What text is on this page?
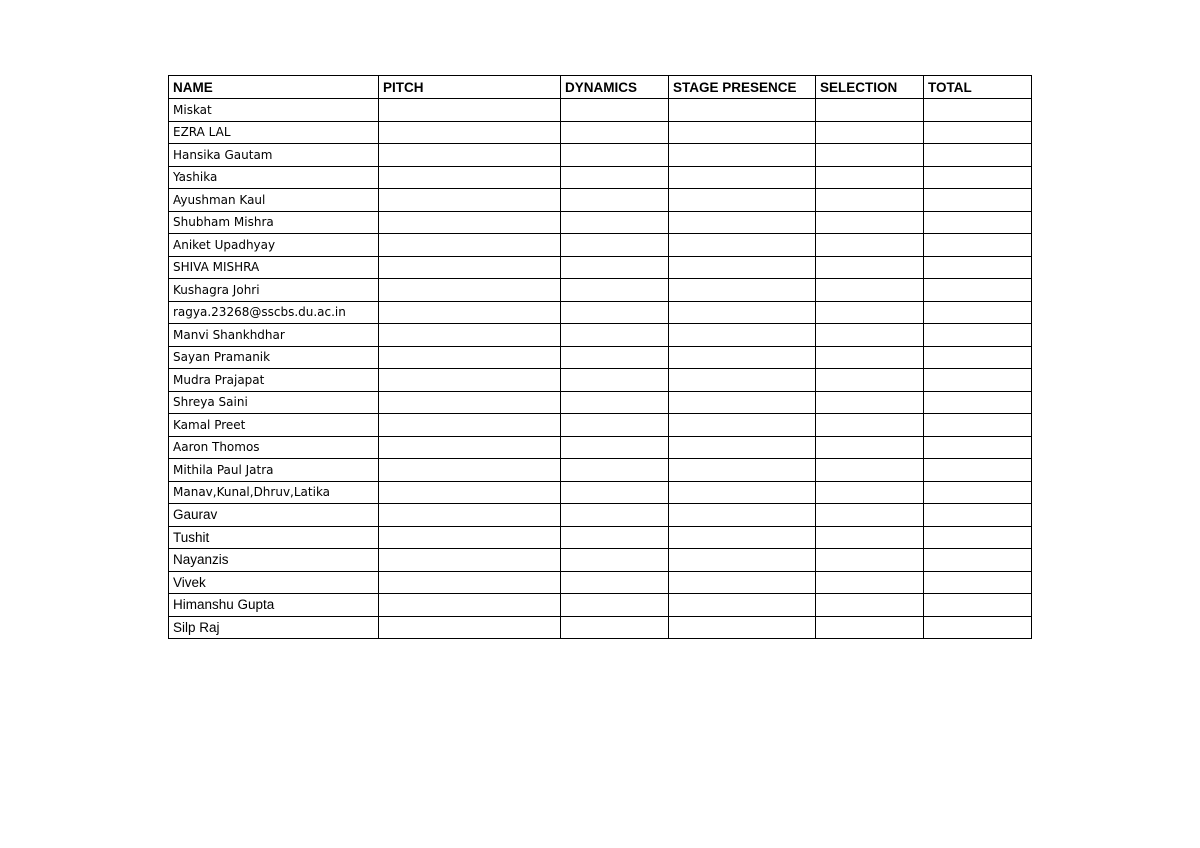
NAME	PITCH	DYNAMICS	STAGE PRESENCE	SELECTION	TOTAL
Miskat					
EZRA LAL					
Hansika Gautam					
Yashika					
Ayushman Kaul					
Shubham Mishra					
Aniket Upadhyay					
SHIVA MISHRA					
Kushagra Johri					
ragya.23268@sscbs.du.ac.in					
Manvi Shankhdhar					
Sayan Pramanik					
Mudra Prajapat					
Shreya Saini					
Kamal Preet					
Aaron Thomos					
Mithila Paul Jatra					
Manav,Kunal,Dhruv,Latika					
Gaurav					
Tushit					
Nayanzis					
Vivek					
Himanshu Gupta					
Silp Raj					
